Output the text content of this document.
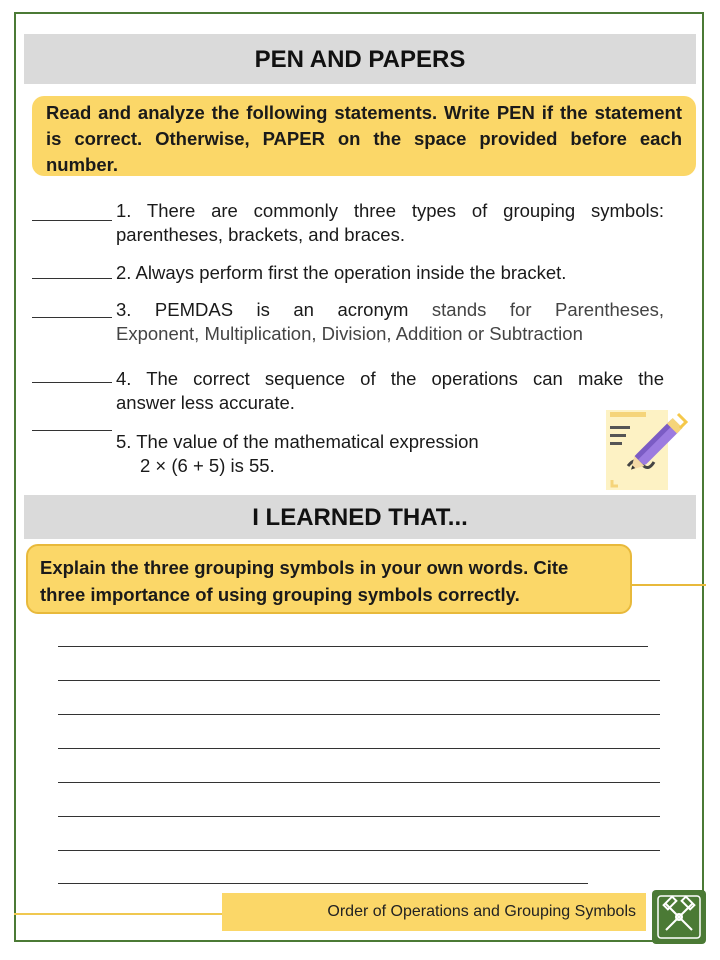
PEN AND PAPERS
Read and analyze the following statements. Write PEN if the statement is correct. Otherwise, PAPER on the space provided before each number.
1. There are commonly three types of grouping symbols:
parentheses, brackets, and braces.
2. Always perform first the operation inside the bracket.
3. PEMDAS is an acronym stands for Parentheses,
Exponent, Multiplication, Division, Addition or Subtraction
4. The correct sequence of the operations can make the
answer less accurate.
5. The value of the mathematical expression
2 × (6 + 5) is 55.
I LEARNED THAT...
Explain the three grouping symbols in your own words. Cite
three importance of using grouping symbols correctly.
Order of Operations and Grouping Symbols
